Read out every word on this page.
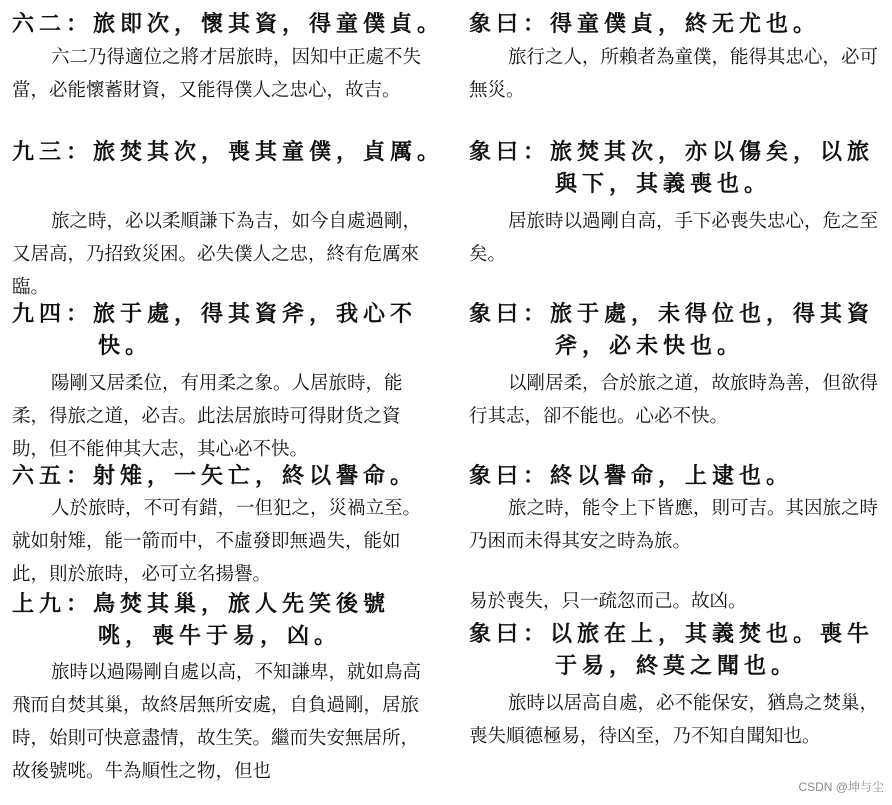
六二：旅即次，懷其資，得童僕貞。

六二乃得適位之將才居旅時，因知中正處不失當，必能懷蓄財資，又能得僕人之忠心，故吉。

九三：旅焚其次，喪其童僕，貞厲。

旅之時，必以柔順謙下為吉，如今自處過剛，又居高，乃招致災困。必失僕人之忠，終有危厲來臨。

九四：旅于處，得其資斧，我心不
快。

陽剛又居柔位，有用柔之象。人居旅時，能柔，得旅之道，必吉。此法居旅時可得財货之資助，但不能伸其大志，其心必不快。

六五：射雉，一矢亡，終以譽命。

人於旅時，不可有錯，一但犯之，災禍立至。就如射雉，能一箭而中，不虛發即無過失，能如此，則於旅時，必可立名揚譽。

上九：鳥焚其巢，旅人先笑後號
咷，喪牛于易，凶。

旅時以過陽剛自處以高，不知謙卑，就如鳥高飛而自焚其巢，故終居無所安處，自負過剛，居旅時，始則可快意盡情，故生笑。繼而失安無居所，故後號咷。牛為順性之物，但也

象曰：得童僕貞，終无尤也。

旅行之人，所賴者為童僕，能得其忠心，必可無災。

象曰：旅焚其次，亦以傷矣，以旅
與下，其義喪也。

居旅時以過剛自高，手下必喪失忠心，危之至矣。

象曰：旅于處，未得位也，得其資
斧，必未快也。

以剛居柔，合於旅之道，故旅時為善，但欲得行其志，卻不能也。心必不快。

象曰：終以譽命，上逮也。

旅之時，能令上下皆應，則可吉。其因旅之時乃困而未得其安之時為旅。

易於喪失，只一疏忽而己。故凶。

象曰：以旅在上，其義焚也。喪牛
于易，終莫之聞也。

旅時以居高自處，必不能保安，猶鳥之焚巢，喪失順德極易，待凶至，乃不知自聞知也。

CSDN @坤与尘
